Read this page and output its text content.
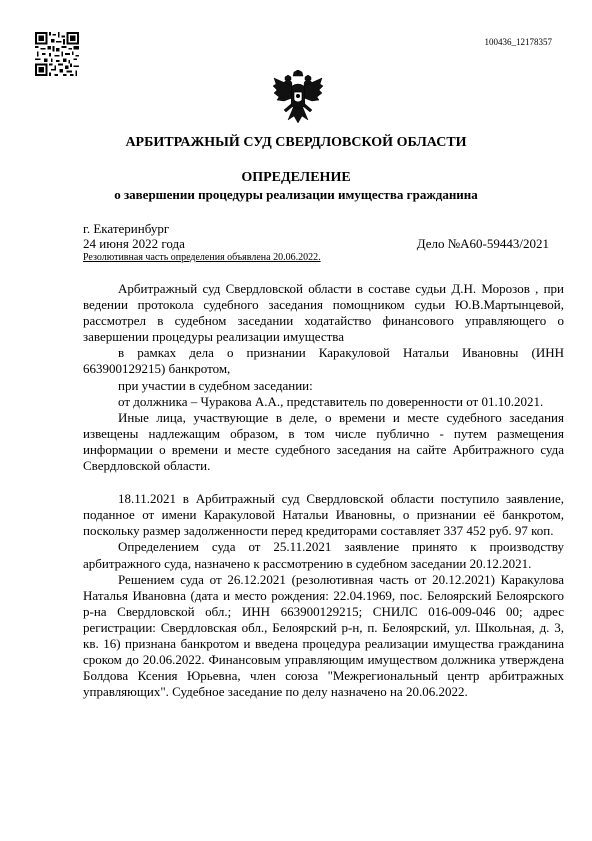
100436_12178357
АРБИТРАЖНЫЙ СУД СВЕРДЛОВСКОЙ ОБЛАСТИ
ОПРЕДЕЛЕНИЕ
о завершении процедуры реализации имущества гражданина
г. Екатеринбург
24 июня 2022 года	Дело №А60-59443/2021
Резолютивная часть определения объявлена 20.06.2022.

Арбитражный суд Свердловской области в составе судьи Д.Н. Морозов , при ведении протокола судебного заседания помощником судьи Ю.В.Мартынцевой, рассмотрел в судебном заседании ходатайство финансового управляющего о завершении процедуры реализации имущества

в рамках дела о признании Каракуловой Натальи Ивановны (ИНН 663900129215) банкротом,

при участии в судебном заседании:

от должника – Чуракова А.А., представитель по доверенности от 01.10.2021.

Иные лица, участвующие в деле, о времени и месте судебного заседания извещены надлежащим образом, в том числе публично - путем размещения информации о времени и месте судебного заседания на сайте Арбитражного суда Свердловской области.

18.11.2021 в Арбитражный суд Свердловской области поступило заявление, поданное от имени Каракуловой Натальи Ивановны, о признании её банкротом, поскольку размер задолженности перед кредиторами составляет 337 452 руб. 97 коп.

Определением суда от 25.11.2021 заявление принято к производству арбитражного суда, назначено к рассмотрению в судебном заседании 20.12.2021.

Решением суда от 26.12.2021 (резолютивная часть от 20.12.2021) Каракулова Наталья Ивановна (дата и место рождения: 22.04.1969, пос. Белоярский Белоярского р-на Свердловской обл.; ИНН 663900129215; СНИЛС 016-009-046 00; адрес регистрации: Свердловская обл., Белоярский р-н, п. Белоярский, ул. Школьная, д. 3, кв. 16) признана банкротом и введена процедура реализации имущества гражданина сроком до 20.06.2022. Финансовым управляющим имуществом должника утверждена Болдова Ксения Юрьевна, член союза "Межрегиональный центр арбитражных управляющих". Судебное заседание по делу назначено на 20.06.2022.
